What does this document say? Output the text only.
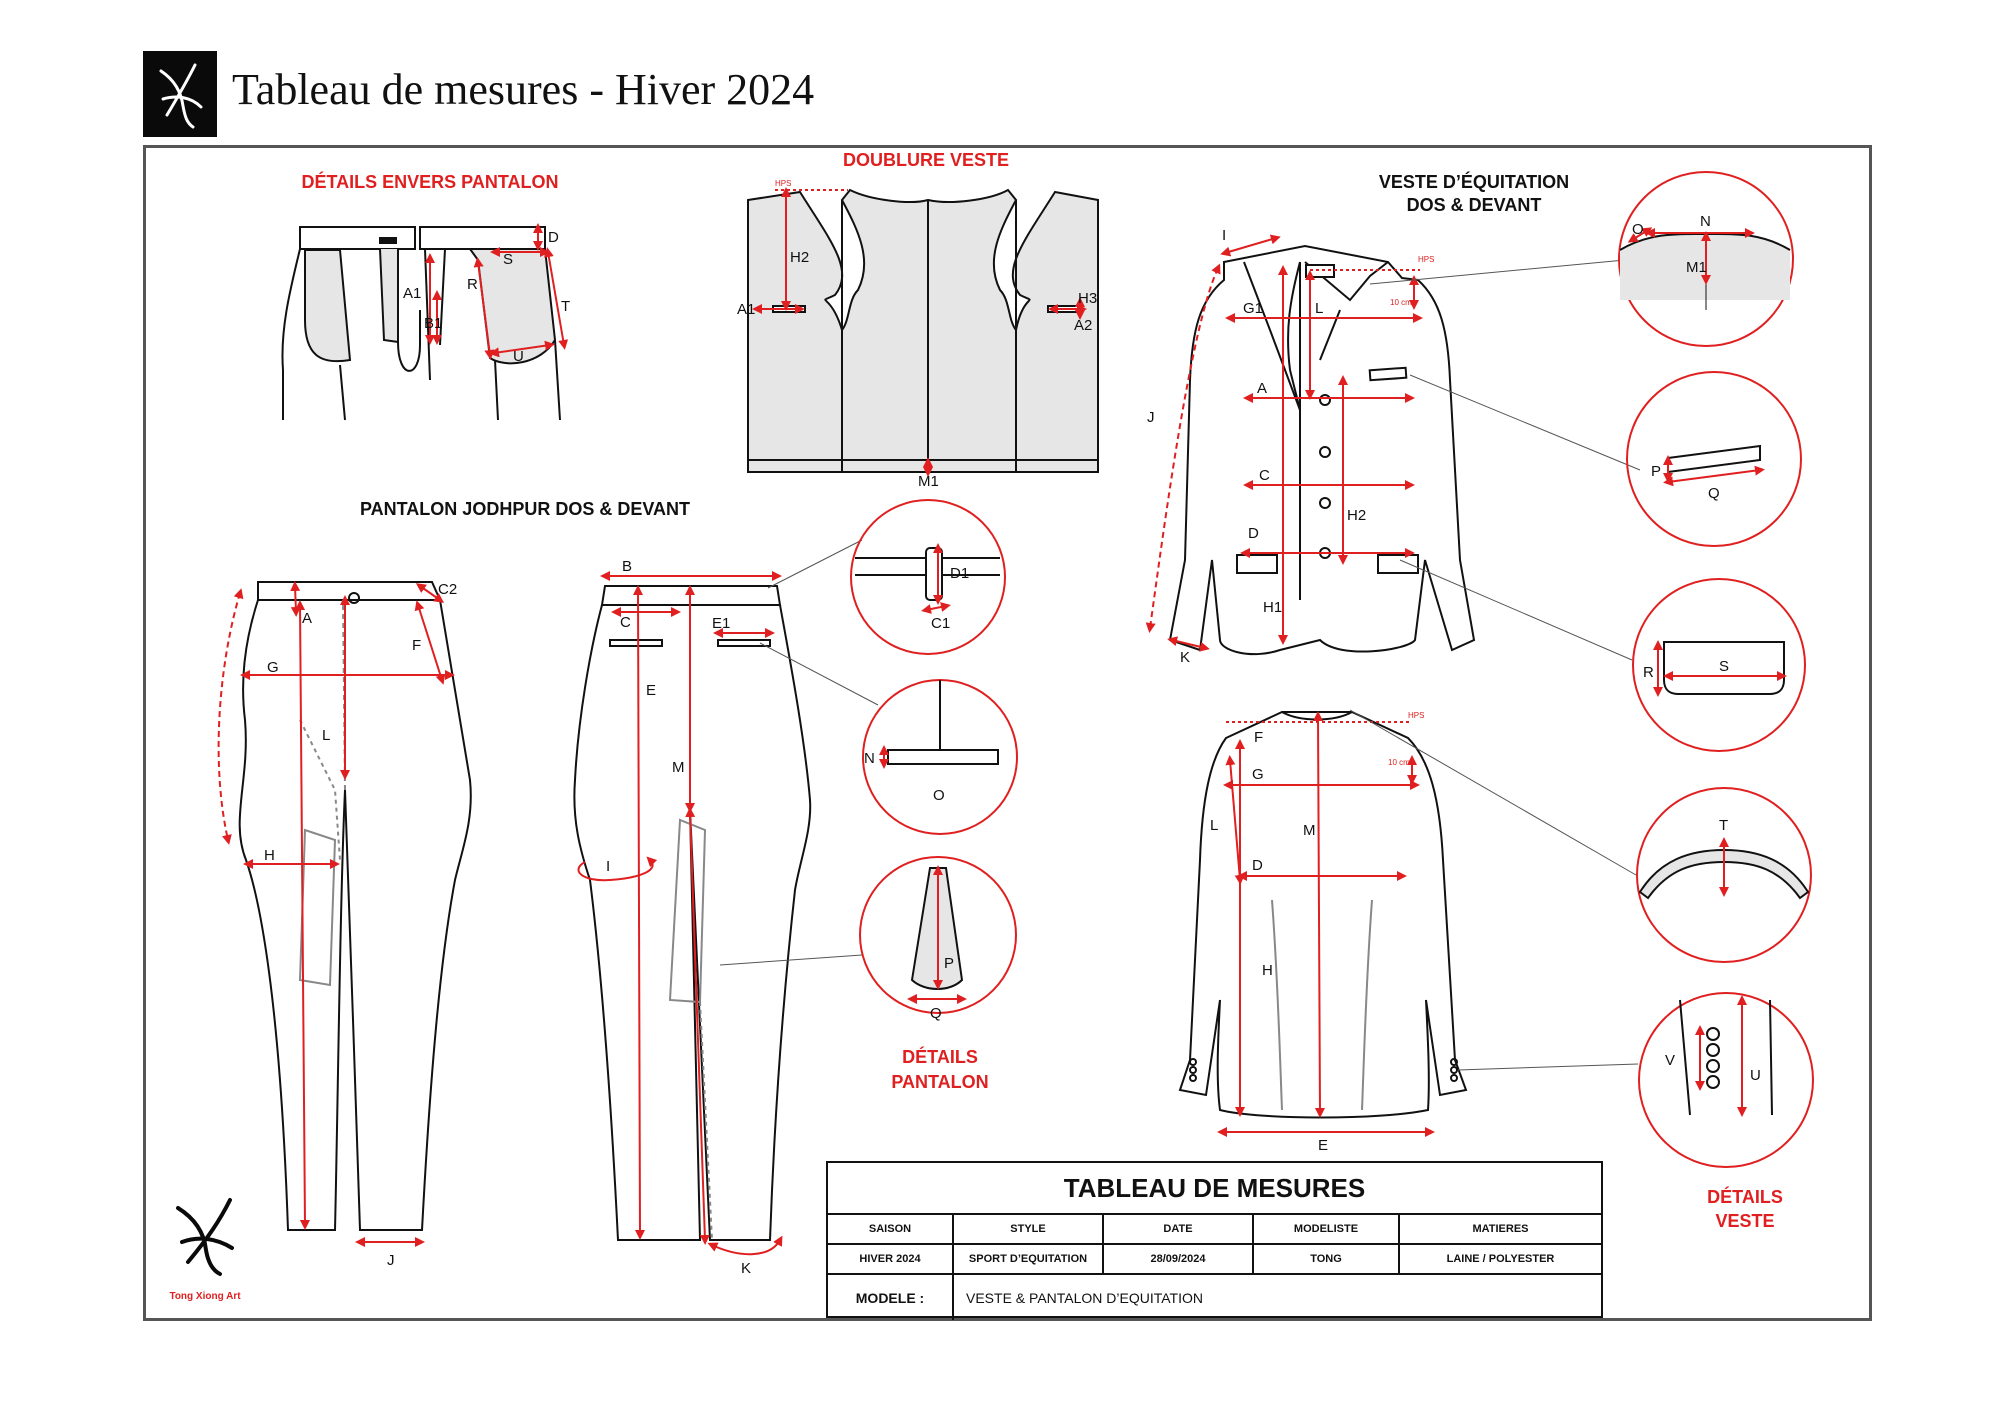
Tableau de mesures - Hiver 2024
DÉTAILS ENVERS PANTALON
DOUBLURE VESTE
VESTE D’ÉQUITATION
DOS & DEVANT
PANTALON JODHPUR DOS & DEVANT
DÉTAILS
PANTALON
DÉTAILS
VESTE
D
A1
B1
R
S
T
U
HPS
H2
A1
H3
A2
M1
A
C2
G
F
L
H
J
B
C	E1
E
M
I
K
D1
C1
N
O
P
Q
HPS
10 cm
I
G1	L
J
A
C
H2
D
H1
K
HPS
10 cm
F
G
L	M
D
H
E
O	N
M1
P
Q
R	S
T
V
U
Tong Xiong Art
TABLEAU DE MESURES
SAISON	STYLE	DATE	MODELISTE	MATIERES
HIVER 2024	SPORT D’EQUITATION	28/09/2024	TONG	LAINE / POLYESTER
MODELE :	VESTE & PANTALON D’EQUITATION
